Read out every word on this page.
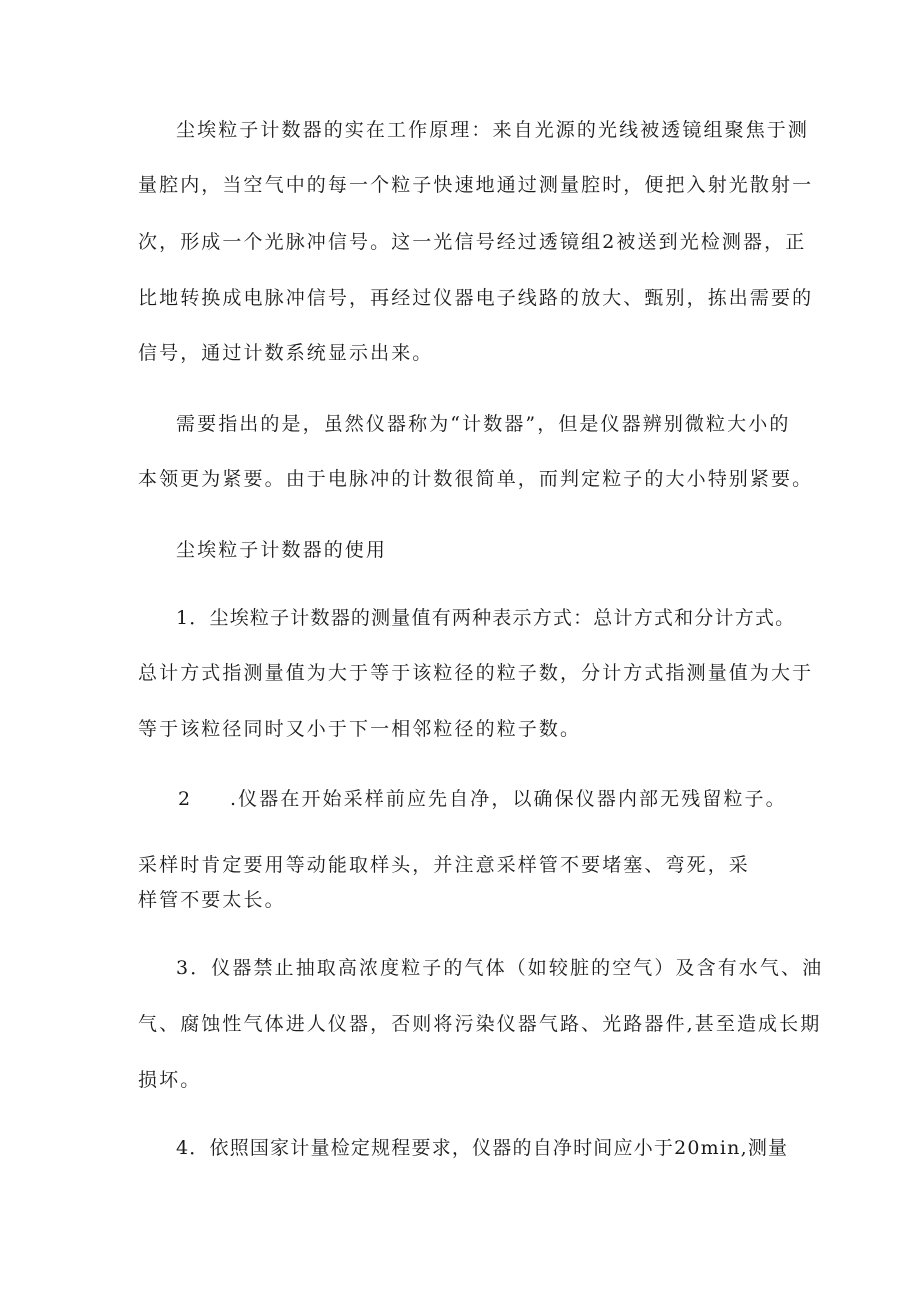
尘埃粒子计数器的实在工作原理：来自光源的光线被透镜组聚焦于测
量腔内，当空气中的每一个粒子快速地通过测量腔时，便把入射光散射一
次，形成一个光脉冲信号。这一光信号经过透镜组2被送到光检测器，正
比地转换成电脉冲信号，再经过仪器电子线路的放大、甄别，拣出需要的
信号，通过计数系统显示出来。
需要指出的是，虽然仪器称为“计数器”，但是仪器辨别微粒大小的
本领更为紧要。由于电脉冲的计数很简单，而判定粒子的大小特别紧要。
尘埃粒子计数器的使用
1．尘埃粒子计数器的测量值有两种表示方式：总计方式和分计方式。
总计方式指测量值为大于等于该粒径的粒子数，分计方式指测量值为大于
等于该粒径同时又小于下一相邻粒径的粒子数。
2 .仪器在开始采样前应先自净，以确保仪器内部无残留粒子。
采样时肯定要用等动能取样头，并注意采样管不要堵塞、弯死，采
样管不要太长。
3．仪器禁止抽取高浓度粒子的气体（如较脏的空气）及含有水气、油
气、腐蚀性气体进人仪器，否则将污染仪器气路、光路器件,甚至造成长期
损坏。
4．依照国家计量检定规程要求，仪器的自净时间应小于20min,测量
